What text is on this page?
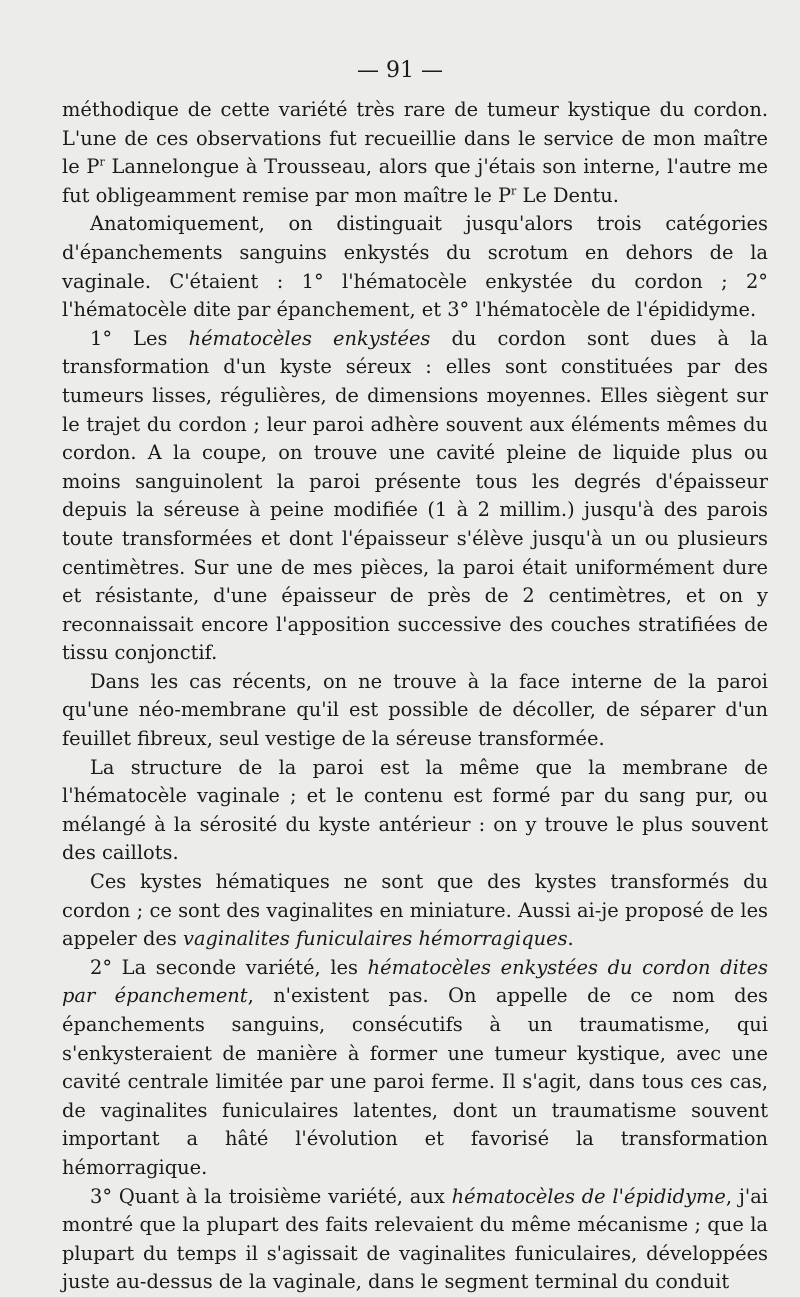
— 91 —

méthodique de cette variété très rare de tumeur kystique du cordon. L'une de ces observations fut recueillie dans le service de mon maître le $P^r$ Lannelongue à Trousseau, alors que j'étais son interne, l'autre me fut obligeamment remise par mon maître le $P^r$ Le Dentu.

Anatomiquement, on distinguait jusqu'alors trois catégories d'épanchements sanguins enkystés du scrotum en dehors de la vaginale. C'étaient : 1° l'hématocèle enkystée du cordon ; 2° l'hématocèle dite par épanchement, et 3° l'hématocèle de l'épididyme.

1° Les hématocèles enkystées du cordon sont dues à la transformation d'un kyste séreux : elles sont constituées par des tumeurs lisses, régulières, de dimensions moyennes. Elles siègent sur le trajet du cordon ; leur paroi adhère souvent aux éléments mêmes du cordon. A la coupe, on trouve une cavité pleine de liquide plus ou moins sanguinolent la paroi présente tous les degrés d'épaisseur depuis la séreuse à peine modifiée (1 à 2 millim.) jusqu'à des parois toute transformées et dont l'épaisseur s'élève jusqu'à un ou plusieurs centimètres. Sur une de mes pièces, la paroi était uniformément dure et résistante, d'une épaisseur de près de 2 centimètres, et on y reconnaissait encore l'apposition successive des couches stratifiées de tissu conjonctif.

Dans les cas récents, on ne trouve à la face interne de la paroi qu'une néo-membrane qu'il est possible de décoller, de séparer d'un feuillet fibreux, seul vestige de la séreuse transformée.

La structure de la paroi est la même que la membrane de l'hématocèle vaginale ; et le contenu est formé par du sang pur, ou mélangé à la sérosité du kyste antérieur : on y trouve le plus souvent des caillots.

Ces kystes hématiques ne sont que des kystes transformés du cordon ; ce sont des vaginalites en miniature. Aussi ai-je proposé de les appeler des vaginalites funiculaires hémorragiques.

2° La seconde variété, les hématocèles enkystées du cordon dites par épanchement, n'existent pas. On appelle de ce nom des épanchements sanguins, consécutifs à un traumatisme, qui s'enkysteraient de manière à former une tumeur kystique, avec une cavité centrale limitée par une paroi ferme. Il s'agit, dans tous ces cas, de vaginalites funiculaires latentes, dont un traumatisme souvent important a hâté l'évolution et favorisé la transformation hémorragique.

3° Quant à la troisième variété, aux hématocèles de l'épididyme, j'ai montré que la plupart des faits relevaient du même mécanisme ; que la plupart du temps il s'agissait de vaginalites funiculaires, développées juste au-dessus de la vaginale, dans le segment terminal du conduit
